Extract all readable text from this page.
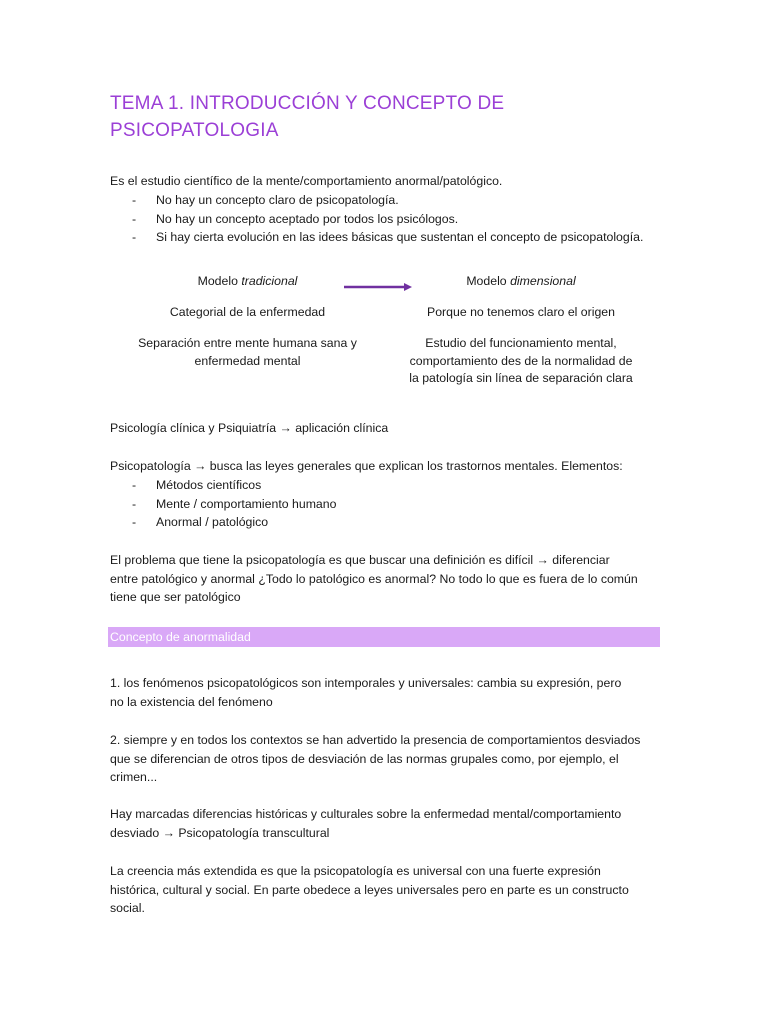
TEMA 1. INTRODUCCIÓN Y CONCEPTO DE
PSICOPATOLOGIA

Es el estudio científico de la mente/comportamiento anormal/patológico.

- No hay un concepto claro de psicopatología.
- No hay un concepto aceptado por todos los psicólogos.
- Si hay cierta evolución en las idees básicas que sustentan el concepto de psicopatología.
Modelo tradicional	Modelo dimensional
Categorial de la enfermedad	Porque no tenemos claro el origen
Separación entre mente humana sana y
enfermedad mental
Estudio del funcionamiento mental,
comportamiento des de la normalidad de
la patología sin línea de separación clara

Psicología clínica y Psiquiatría → aplicación clínica

Psicopatología → busca las leyes generales que explican los trastornos mentales. Elementos:

- Métodos científicos
- Mente / comportamiento humano
- Anormal / patológico

El problema que tiene la psicopatología es que buscar una definición es difícil → diferenciar
entre patológico y anormal ¿Todo lo patológico es anormal? No todo lo que es fuera de lo común
tiene que ser patológico

Concepto de anormalidad

1. los fenómenos psicopatológicos son intemporales y universales: cambia su expresión, pero
no la existencia del fenómeno

2. siempre y en todos los contextos se han advertido la presencia de comportamientos desviados
que se diferencian de otros tipos de desviación de las normas grupales como, por ejemplo, el
crimen...

Hay marcadas diferencias históricas y culturales sobre la enfermedad mental/comportamiento
desviado → Psicopatología transcultural

La creencia más extendida es que la psicopatología es universal con una fuerte expresión
histórica, cultural y social. En parte obedece a leyes universales pero en parte es un constructo
social.
